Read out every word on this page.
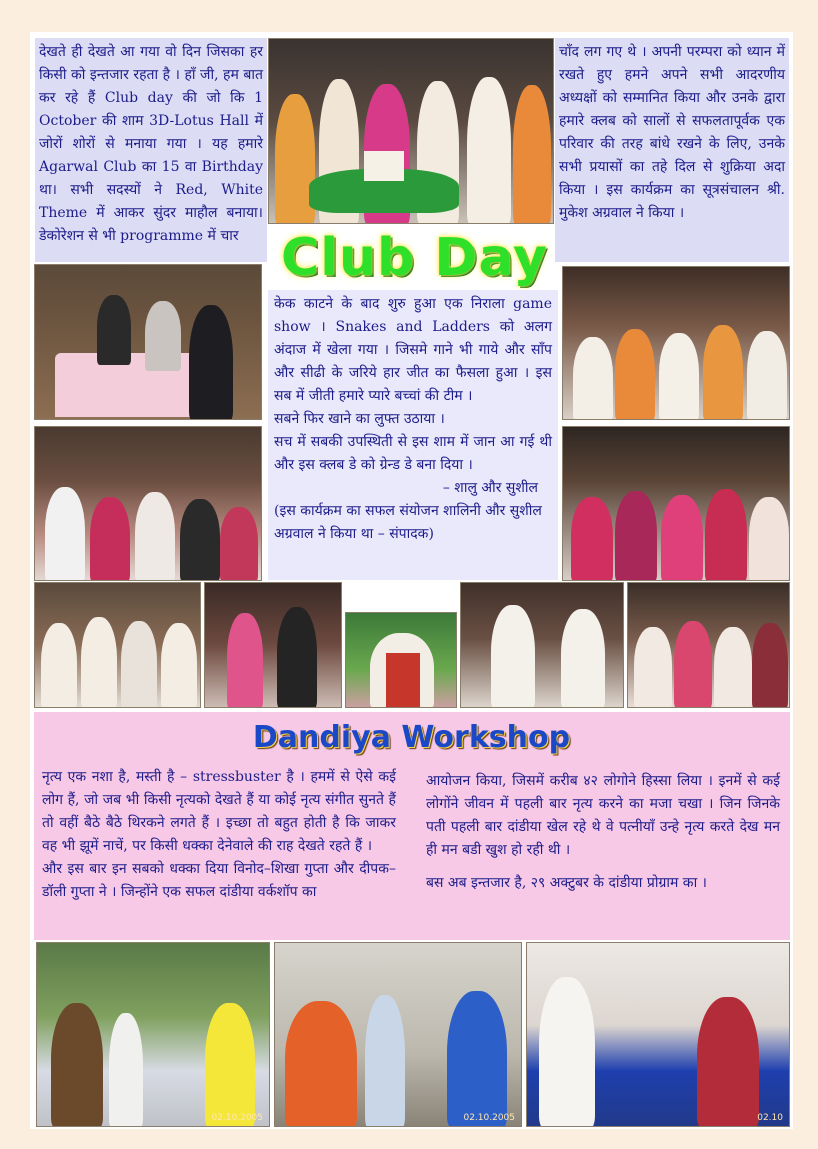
देखते ही देखते आ गया वो दिन जिसका हर किसी को इन्तजार रहता है । हाँ जी, हम बात कर रहे हैं Club day की जो कि 1 October की शाम 3D-Lotus Hall में जोरों शोरों से मनाया गया । यह हमारे Agarwal Club का 15 वा Birthday था। सभी सदस्यों ने Red, White Theme में आकर सुंदर माहौल बनाया। डेकोरेशन से भी programme में चार

चाँद लग गए थे । अपनी परम्परा को ध्यान में रखते हुए हमने अपने सभी आदरणीय अध्यक्षों को सम्मानित किया और उनके द्वारा हमारे क्लब को सालों से सफलतापूर्वक एक परिवार की तरह बांधे रखने के लिए, उनके सभी प्रयासों का तहे दिल से शुक्रिया अदा किया । इस कार्यक्रम का सूत्रसंचालन श्री. मुकेश अग्रवाल ने किया ।

Club Day

केक काटने के बाद शुरु हुआ एक निराला game show । Snakes and Ladders को अलग अंदाज में खेला गया । जिसमे गाने भी गाये और साँप और सीढी के जरिये हार जीत का फैसला हुआ । इस सब में जीती हमारे प्यारे बच्चां की टीम ।

सबने फिर खाने का लुफ्त उठाया ।

सच में सबकी उपस्थिती से इस शाम में जान आ गई थी और इस क्लब डे को ग्रेन्ड डे बना दिया ।

– शालु और सुशील

(इस कार्यक्रम का सफल संयोजन शालिनी और सुशील अग्रवाल ने किया था – संपादक)

Dandiya Workshop

नृत्य एक नशा है, मस्ती है – stressbuster है । हममें से ऐसे कई लोग हैं, जो जब भी किसी नृत्यको देखते हैं या कोई नृत्य संगीत सुनते हैं तो वहीं बैठे बैठे थिरकने लगते हैं । इच्छा तो बहुत होती है कि जाकर वह भी झूमें नाचें, पर किसी धक्का देनेवाले की राह देखते रहते हैं ।

और इस बार इन सबको धक्का दिया विनोद–शिखा गुप्ता और दीपक–डॉली गुप्ता ने । जिन्होंने एक सफल दांडीया वर्कशॉप का

आयोजन किया, जिसमें करीब ४२ लोगोने हिस्सा लिया । इनमें से कई लोगोंने जीवन में पहली बार नृत्य करने का मजा चखा । जिन जिनके पती पहली बार दांडीया खेल रहे थे वे पत्नीयाँ उन्हे नृत्य करते देख मन ही मन बडी खुश हो रही थी ।

बस अब इन्तजार है, २९ अक्टुबर के दांडीया प्रोग्राम का ।

02.10.2005	02.10.2005	02.10
